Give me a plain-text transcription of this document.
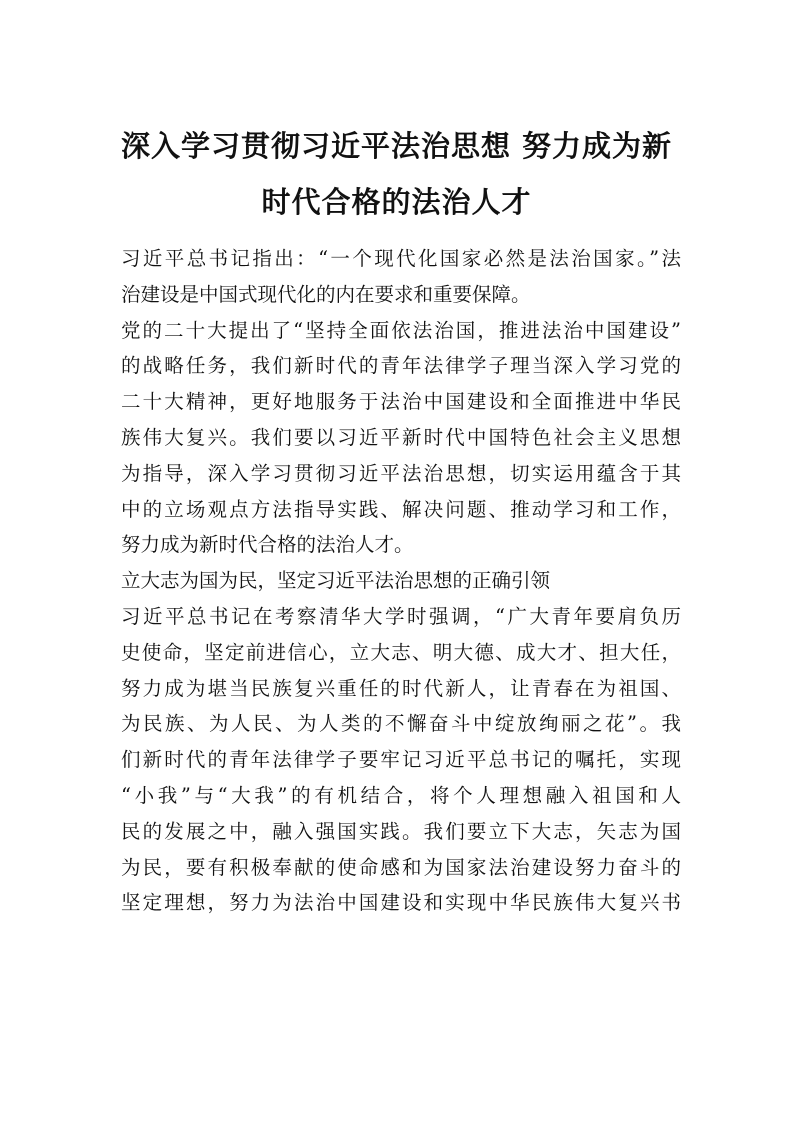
深入学习贯彻习近平法治思想 努力成为新
时代合格的法治人才
习近平总书记指出：“一个现代化国家必然是法治国家。”法
治建设是中国式现代化的内在要求和重要保障。
党的二十大提出了“坚持全面依法治国，推进法治中国建设”
的战略任务，我们新时代的青年法律学子理当深入学习党的
二十大精神，更好地服务于法治中国建设和全面推进中华民
族伟大复兴。我们要以习近平新时代中国特色社会主义思想
为指导，深入学习贯彻习近平法治思想，切实运用蕴含于其
中的立场观点方法指导实践、解决问题、推动学习和工作，
努力成为新时代合格的法治人才。
立大志为国为民，坚定习近平法治思想的正确引领
习近平总书记在考察清华大学时强调，“广大青年要肩负历
史使命，坚定前进信心，立大志、明大德、成大才、担大任，
努力成为堪当民族复兴重任的时代新人，让青春在为祖国、
为民族、为人民、为人类的不懈奋斗中绽放绚丽之花”。我
们新时代的青年法律学子要牢记习近平总书记的嘱托，实现
“小我”与“大我”的有机结合，将个人理想融入祖国和人
民的发展之中，融入强国实践。我们要立下大志，矢志为国
为民，要有积极奉献的使命感和为国家法治建设努力奋斗的
坚定理想，努力为法治中国建设和实现中华民族伟大复兴书
